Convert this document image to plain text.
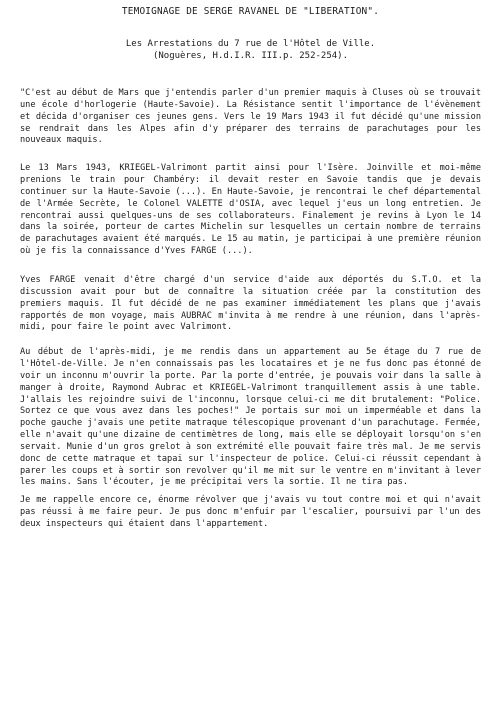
TEMOIGNAGE DE SERGE RAVANEL DE "LIBERATION".
Les Arrestations du 7 rue de l'Hôtel de Ville.
(Noguères, H.d.I.R. III.p. 252-254).

"C'est au début de Mars que j'entendis parler d'un premier maquis à Cluses où se trouvait une école d'horlogerie (Haute-Savoie). La Résistance sentit l'importance de l'évènement et décida d'organiser ces jeunes gens. Vers le 19 Mars 1943 il fut décidé qu'une mission se rendrait dans les Alpes afin d'y préparer des terrains de parachutages pour les nouveaux maquis.

Le 13 Mars 1943, KRIEGEL-Valrimont partit ainsi pour l'Isère. Joinville et moi-même prenions le train pour Chambéry: il devait rester en Savoie tandis que je devais continuer sur la Haute-Savoie (...). En Haute-Savoie, je rencontrai le chef départemental de l'Armée Secrète, le Colonel VALETTE d'OSIA, avec lequel j'eus un long entretien. Je rencontrai aussi quelques-uns de ses collaborateurs. Finalement je revins à Lyon le 14 dans la soirée, porteur de cartes Michelin sur lesquelles un certain nombre de terrains de parachutages avaient été marqués. Le 15 au matin, je participai à une première réunion où je fis la connaissance d'Yves FARGE (...).

Yves FARGE venait d'être chargé d'un service d'aide aux déportés du S.T.O. et la discussion avait pour but de connaître la situation créée par la constitution des premiers maquis. Il fut décidé de ne pas examiner immédiatement les plans que j'avais rapportés de mon voyage, mais AUBRAC m'invita à me rendre à une réunion, dans l'après-midi, pour faire le point avec Valrimont.

Au début de l'après-midi, je me rendis dans un appartement au 5e étage du 7 rue de l'Hôtel-de-Ville. Je n'en connaissais pas les locataires et je ne fus donc pas étonné de voir un inconnu m'ouvrir la porte. Par la porte d'entrée, je pouvais voir dans la salle à manger à droite, Raymond Aubrac et KRIEGEL-Valrimont tranquillement assis à une table. J'allais les rejoindre suivi de l'inconnu, lorsque celui-ci me dit brutalement: "Police. Sortez ce que vous avez dans les poches!" Je portais sur moi un imperméable et dans la poche gauche j'avais une petite matraque télescopique provenant d'un parachutage. Fermée, elle n'avait qu'une dizaine de centimètres de long, mais elle se déployait lorsqu'on s'en servait. Munie d'un gros grelot à son extrémité elle pouvait faire très mal. Je me servis donc de cette matraque et tapai sur l'inspecteur de police. Celui-ci réussit cependant à parer les coups et à sortir son revolver qu'il me mit sur le ventre en m'invitant à lever les mains. Sans l'écouter, je me précipitai vers la sortie. Il ne tira pas.

Je me rappelle encore ce, énorme révolver que j'avais vu tout contre moi et qui n'avait pas réussi à me faire peur. Je pus donc m'enfuir par l'escalier, poursuivi par l'un des deux inspecteurs qui étaient dans l'appartement.
